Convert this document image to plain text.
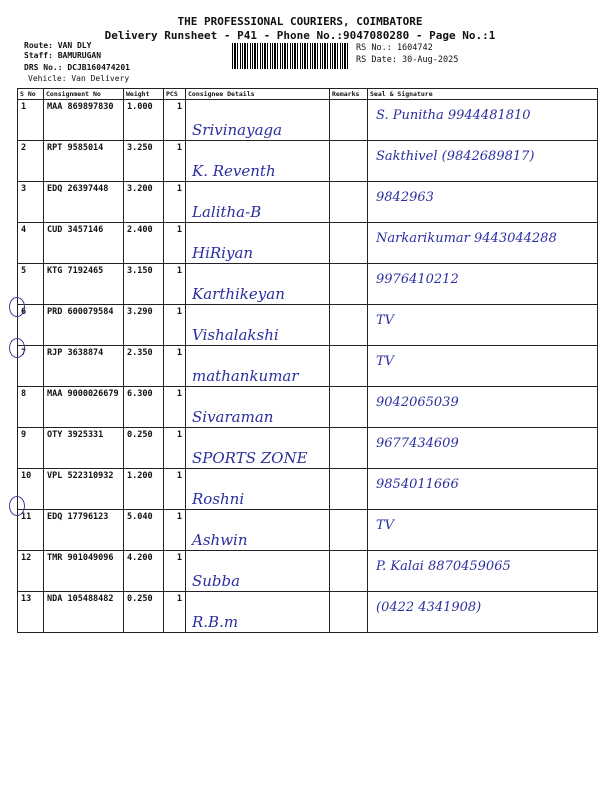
THE PROFESSIONAL COURIERS, COIMBATORE
Delivery Runsheet - P41 - Phone No.:9047080280 - Page No.:1
Route: VAN DLY
Staff: BAMURUGAN
DRS No.: DCJB160474201
Vehicle: Van Delivery
RS No.: 1604742
RS Date: 30-Aug-2025
S No	Consignment No	Weight	PCS	Consignee Details	Remarks	Seal & Signature
1	MAA 869897830	1.000	1	Srivinayaga		S. Punitha 9944481810

2	RPT 9585014	3.250	1	K. Reventh		Sakthivel (9842689817)

3	EDQ 26397448	3.200	1	Lalitha-B		9842963

4	CUD 3457146	2.400	1	HiRiyan		Narkarikumar 9443044288

5	KTG 7192465	3.150	1	Karthikeyan		9976410212

6	PRD 600079584	3.290	1	Vishalakshi		TV

7	RJP 3638874	2.350	1	mathankumar		TV

8	MAA 9000026679	6.300	1	Sivaraman		9042065039

9	OTY 3925331	0.250	1	SPORTS ZONE		9677434609

10	VPL 522310932	1.200	1	Roshni		9854011666

11	EDQ 17796123	5.040	1	Ashwin		TV

12	TMR 901049096	4.200	1	Subba		P. Kalai 8870459065

13	NDA 105488482	0.250	1	R.B.m		(0422 4341908)
